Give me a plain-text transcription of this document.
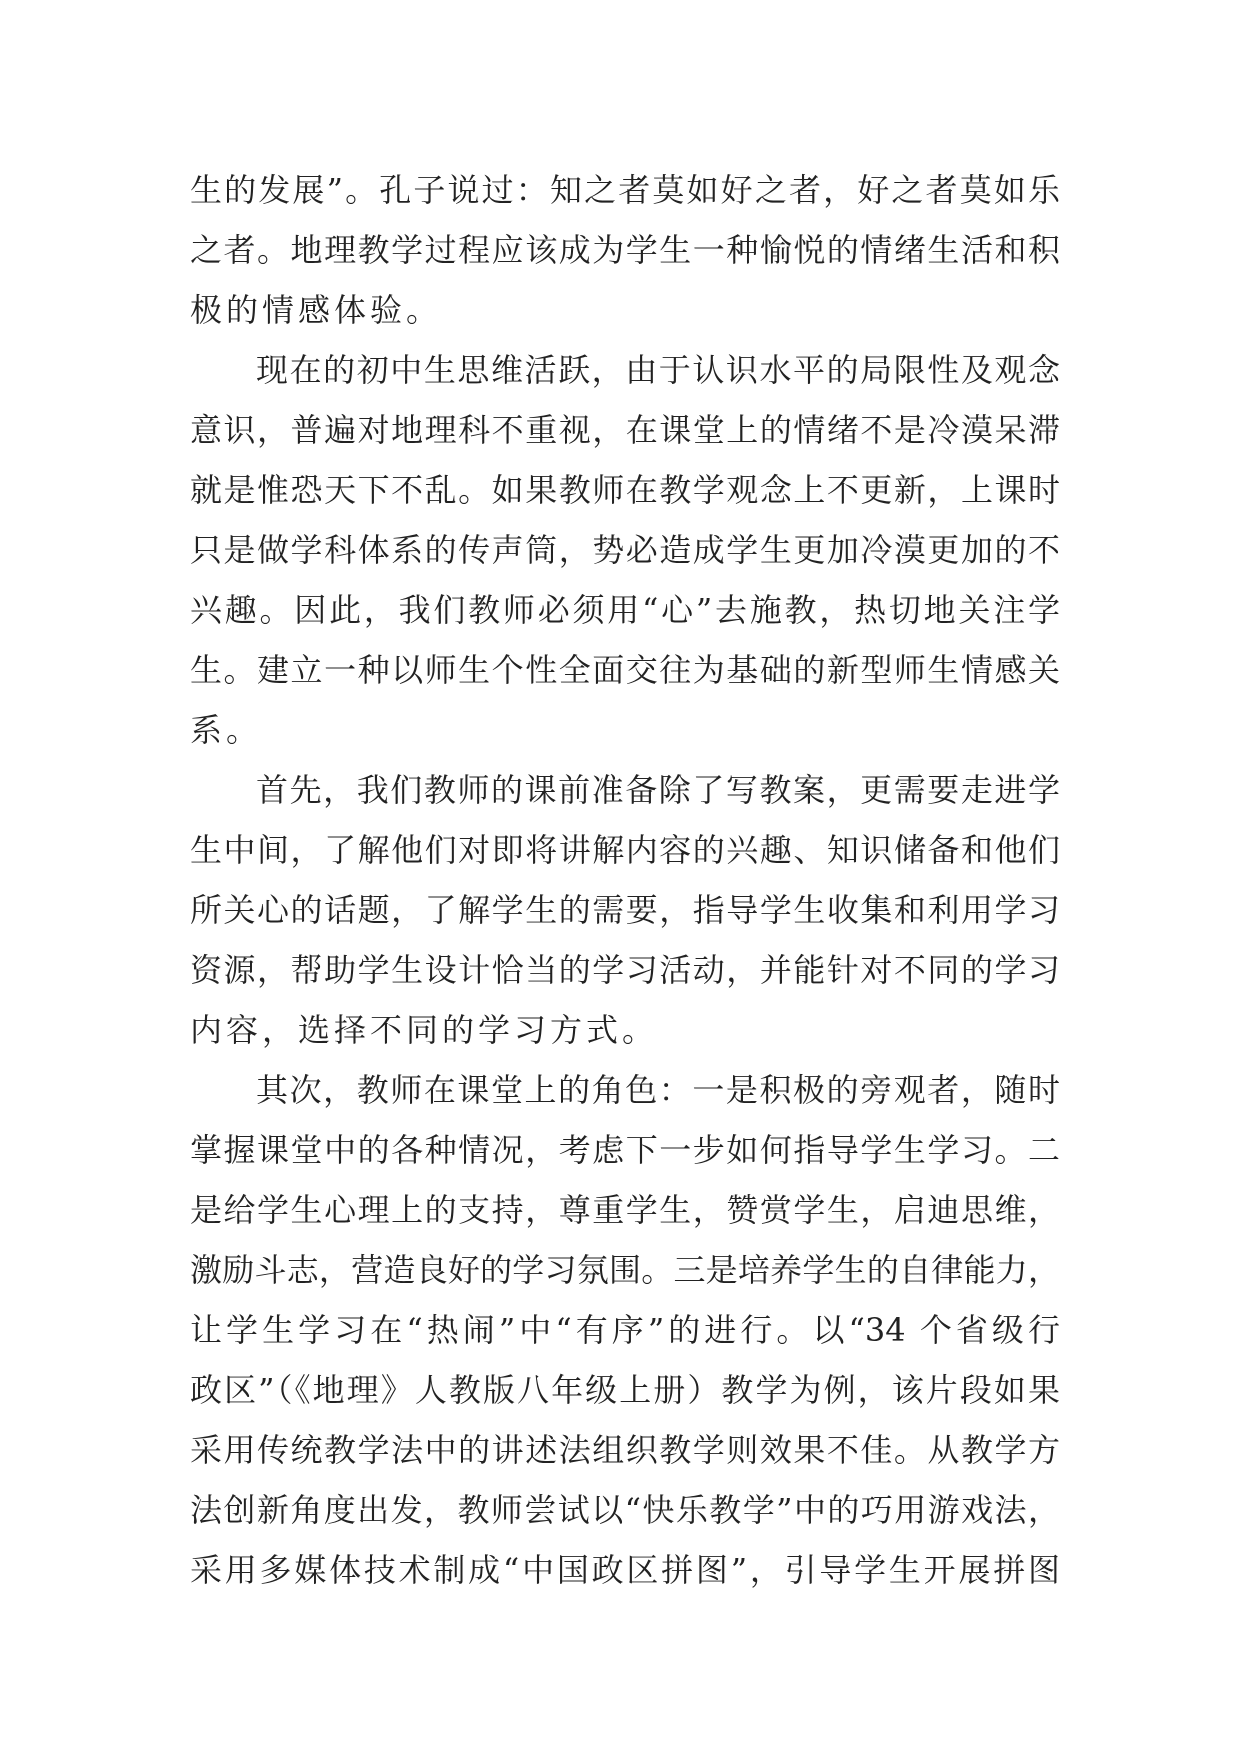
生的发展”。孔子说过：知之者莫如好之者，好之者莫如乐
之者。地理教学过程应该成为学生一种愉悦的情绪生活和积
极的情感体验。
现在的初中生思维活跃，由于认识水平的局限性及观念
意识，普遍对地理科不重视，在课堂上的情绪不是冷漠呆滞
就是惟恐天下不乱。如果教师在教学观念上不更新，上课时
只是做学科体系的传声筒，势必造成学生更加冷漠更加的不
兴趣。因此，我们教师必须用“心”去施教，热切地关注学
生。建立一种以师生个性全面交往为基础的新型师生情感关
系。
首先，我们教师的课前准备除了写教案，更需要走进学
生中间，了解他们对即将讲解内容的兴趣、知识储备和他们
所关心的话题，了解学生的需要，指导学生收集和利用学习
资源，帮助学生设计恰当的学习活动，并能针对不同的学习
内容，选择不同的学习方式。
其次，教师在课堂上的角色：一是积极的旁观者，随时
掌握课堂中的各种情况，考虑下一步如何指导学生学习。二
是给学生心理上的支持，尊重学生，赞赏学生，启迪思维，
激励斗志，营造良好的学习氛围。三是培养学生的自律能力，
让学生学习在“热闹”中“有序”的进行。以“34 个省级行
政区”（《地理》人教版八年级上册）教学为例，该片段如果
采用传统教学法中的讲述法组织教学则效果不佳。从教学方
法创新角度出发，教师尝试以“快乐教学”中的巧用游戏法，
采用多媒体技术制成“中国政区拼图”，引导学生开展拼图
